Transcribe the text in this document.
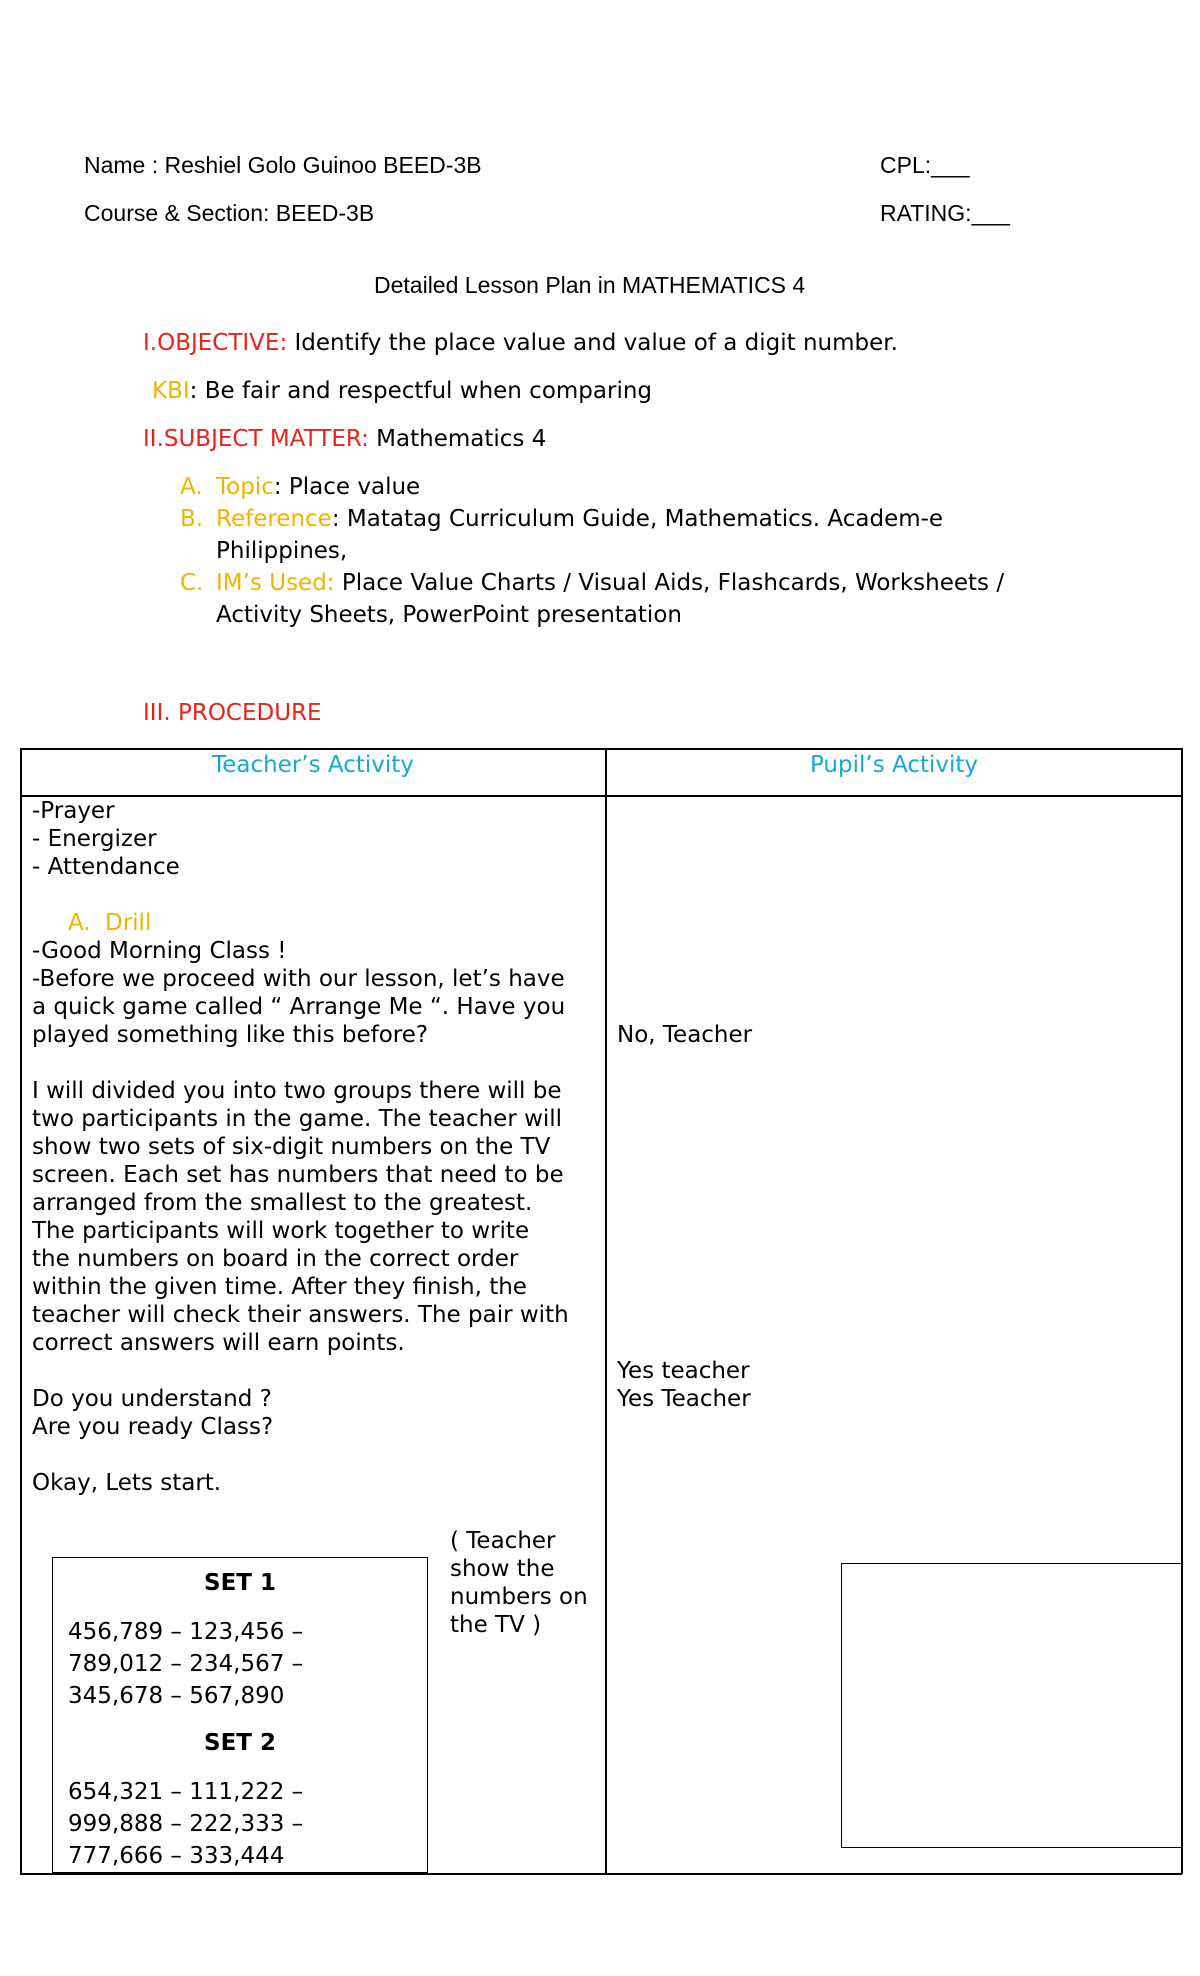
Name : Reshiel Golo Guinoo BEED-3B
Course & Section: BEED-3B
CPL:___
RATING:___
Detailed Lesson Plan in MATHEMATICS 4
I.OBJECTIVE: Identify the place value and value of a digit number.
KBI: Be fair and respectful when comparing
II.SUBJECT MATTER: Mathematics 4
A. Topic: Place value
B. Reference: Matatag Curriculum Guide, Mathematics. Academ-e
Philippines,
C. IM’s Used: Place Value Charts / Visual Aids, Flashcards, Worksheets /
Activity Sheets, PowerPoint presentation
III. PROCEDURE
Teacher’s Activity	Pupil’s Activity
-Prayer
- Energizer
- Attendance
A. Drill
-Good Morning Class !
-Before we proceed with our lesson, let’s have
a quick game called “ Arrange Me “. Have you
played something like this before?
I will divided you into two groups there will be
two participants in the game. The teacher will
show two sets of six-digit numbers on the TV
screen. Each set has numbers that need to be
arranged from the smallest to the greatest.
The participants will work together to write
the numbers on board in the correct order
within the given time. After they finish, the
teacher will check their answers. The pair with
correct answers will earn points.
Do you understand ?
Are you ready Class?
Okay, Lets start.
No, Teacher
Yes teacher
Yes Teacher
( Teacher
show the
numbers on
the TV )
SET 1
456,789 – 123,456 –
789,012 – 234,567 –
345,678 – 567,890
SET 2
654,321 – 111,222 –
999,888 – 222,333 –
777,666 – 333,444
